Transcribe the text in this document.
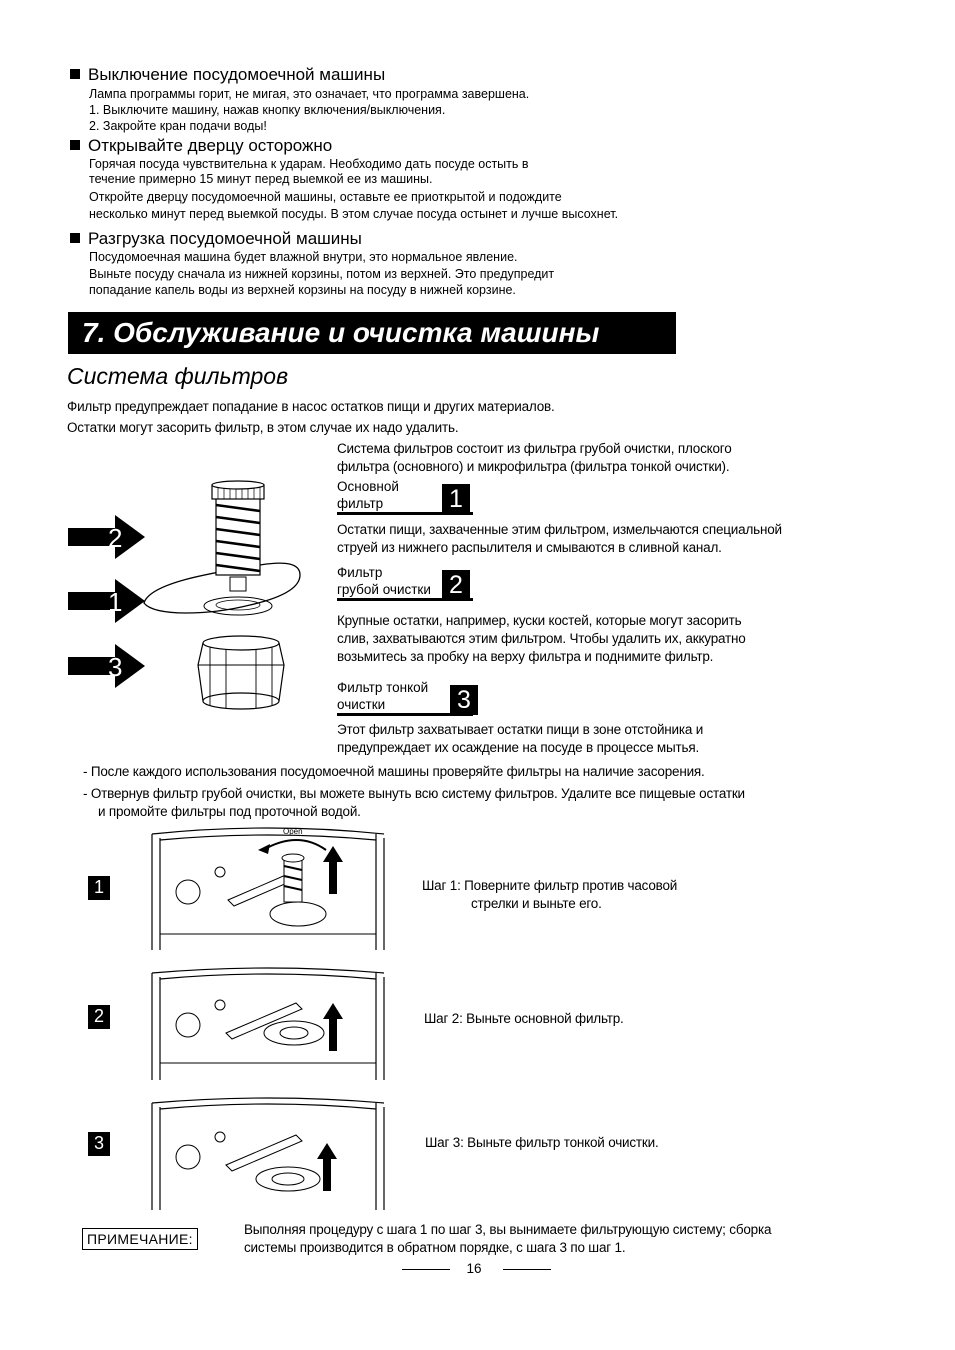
Выключение посудомоечной машины
Лампа программы горит, не мигая, это означает, что программа завершена.
1. Выключите машину, нажав кнопку включения/выключения.
2. Закройте кран подачи воды!
Открывайте дверцу осторожно
Горячая посуда чувствительна к ударам. Необходимо дать посуде остыть в
течение примерно 15 минут перед выемкой ее из машины.
Откройте дверцу посудомоечной машины, оставьте ее приоткрытой и подождите
несколько минут перед выемкой посуды. В этом случае посуда остынет и лучше высохнет.
Разгрузка посудомоечной машины
Посудомоечная машина будет влажной внутри, это нормальное явление.
Выньте посуду сначала из нижней корзины, потом из верхней. Это предупредит
попадание капель воды из верхней корзины на посуду в нижней корзине.
7. Обслуживание и очистка машины
Система фильтров
Фильтр предупреждает попадание в насос остатков пищи и других материалов.
Остатки могут засорить фильтр, в этом случае их надо удалить.
2
1
3
Система фильтров состоит из фильтра грубой очистки, плоского
фильтра (основного) и микрофильтра (фильтра тонкой очистки).
Основной
фильтр	1
Остатки пищи, захваченные этим фильтром, измельчаются специальной
струей из нижнего распылителя и смываются в сливной канал.
Фильтр
грубой очистки 2
Крупные остатки, например, куски костей, которые могут засорить
слив, захватываются этим фильтром. Чтобы удалить их, аккуратно
возьмитесь за пробку на верху фильтра и поднимите фильтр.
Фильтр тонкой
очистки	3
Этот фильтр захватывает остатки пищи в зоне отстойника и
предупреждает их осаждение на посуде в процессе мытья.
- После каждого использования посудомоечной машины проверяйте фильтры на наличие засорения.
- Отвернув фильтр грубой очистки, вы можете вынуть всю систему фильтров. Удалите все пищевые остатки
и промойте фильтры под проточной водой.
1
Open
Шаг 1: Поверните фильтр против часовой
стрелки и выньте его.
2	Шаг 2: Выньте основной фильтр.
3	Шаг 3: Выньте фильтр тонкой очистки.
ПРИМЕЧАНИЕ:
Выполняя процедуру с шага 1 по шаг 3, вы вынимаете фильтрующую систему; сборка
системы производится в обратном порядке, с шага 3 по шаг 1.
16
